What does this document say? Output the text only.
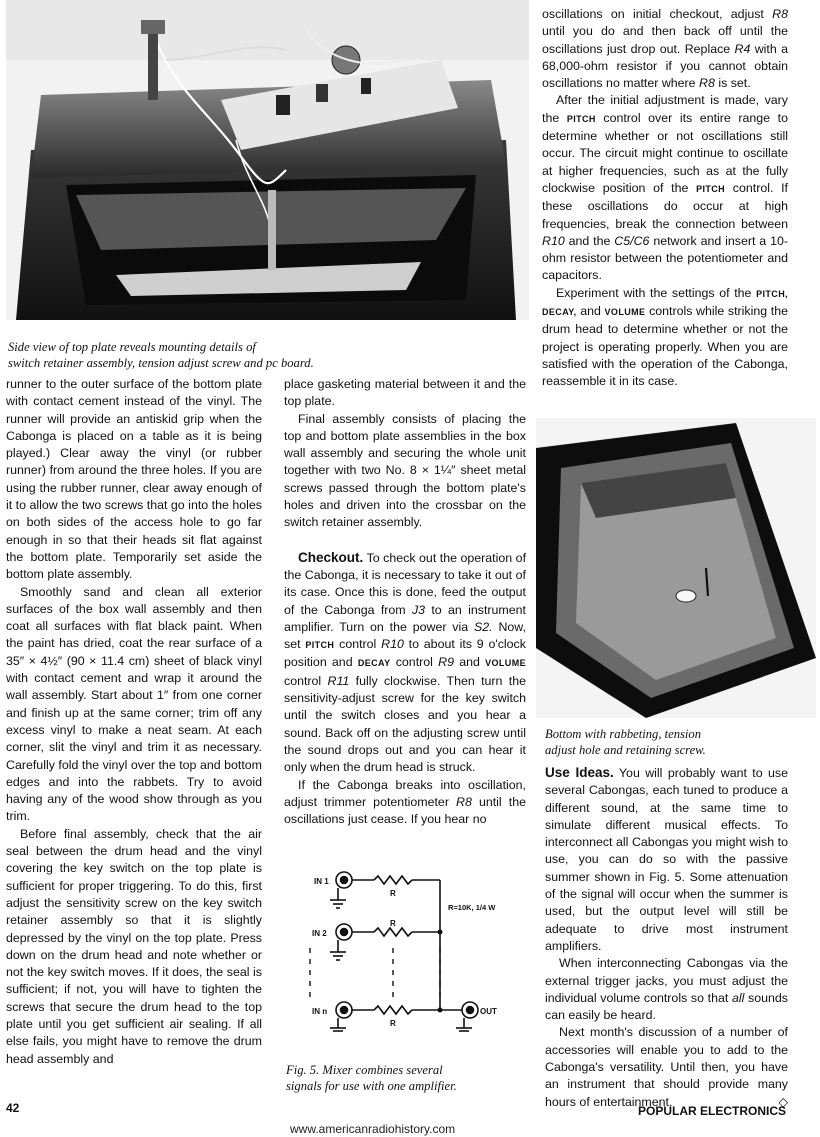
Side view of top plate reveals mounting details of
switch retainer assembly, tension adjust screw and pc board.

runner to the outer surface of the bottom plate with contact cement instead of the vinyl. The runner will provide an antiskid grip when the Cabonga is placed on a table as it is being played.) Clear away the vinyl (or rubber runner) from around the three holes. If you are using the rubber runner, clear away enough of it to allow the two screws that go into the holes on both sides of the access hole to go far enough in so that their heads sit flat against the bottom plate. Temporarily set aside the bottom plate assembly.

Smoothly sand and clean all exterior surfaces of the box wall assembly and then coat all surfaces with flat black paint. When the paint has dried, coat the rear surface of a 35″ × 4½″ (90 × 11.4 cm) sheet of black vinyl with contact cement and wrap it around the wall assembly. Start about 1″ from one corner and finish up at the same corner; trim off any excess vinyl to make a neat seam. At each corner, slit the vinyl and trim it as necessary. Carefully fold the vinyl over the top and bottom edges and into the rabbets. Try to avoid having any of the wood show through as you trim.

Before final assembly, check that the air seal between the drum head and the vinyl covering the key switch on the top plate is sufficient for proper triggering. To do this, first adjust the sensitivity screw on the key switch retainer assembly so that it is slightly depressed by the vinyl on the top plate. Press down on the drum head and note whether or not the key switch moves. If it does, the seal is sufficient; if not, you will have to tighten the screws that secure the drum head to the top plate until you get sufficient air sealing. If all else fails, you might have to remove the drum head assembly and

place gasketing material between it and the top plate.

Final assembly consists of placing the top and bottom plate assemblies in the box wall assembly and securing the whole unit together with two No. 8 × 1¼″ sheet metal screws passed through the bottom plate's holes and driven into the crossbar on the switch retainer assembly.

Checkout. To check out the operation of the Cabonga, it is necessary to take it out of its case. Once this is done, feed the output of the Cabonga from J3 to an instrument amplifier. Turn on the power via S2. Now, set PITCH control R10 to about its 9 o'clock position and DECAY control R9 and VOLUME control R11 fully clockwise. Then turn the sensitivity-adjust screw for the key switch until the switch closes and you hear a sound. Back off on the adjusting screw until the sound drops out and you can hear it only when the drum head is struck.

If the Cabonga breaks into oscillation, adjust trimmer potentiometer R8 until the oscillations just cease. If you hear no

IN 1
IN 2
IN n
R
R
R
R=10K, 1/4 W
OUT
Fig. 5. Mixer combines several
signals for use with one amplifier.

oscillations on initial checkout, adjust R8 until you do and then back off until the oscillations just drop out. Replace R4 with a 68,000-ohm resistor if you cannot obtain oscillations no matter where R8 is set.

After the initial adjustment is made, vary the PITCH control over its entire range to determine whether or not oscillations still occur. The circuit might continue to oscillate at higher frequencies, such as at the fully clockwise position of the PITCH control. If these oscillations do occur at high frequencies, break the connection between R10 and the C5/C6 network and insert a 10-ohm resistor between the potentiometer and capacitors.

Experiment with the settings of the PITCH, DECAY, and VOLUME controls while striking the drum head to determine whether or not the project is operating properly. When you are satisfied with the operation of the Cabonga, reassemble it in its case.

Bottom with rabbeting, tension
adjust hole and retaining screw.

Use Ideas. You will probably want to use several Cabongas, each tuned to produce a different sound, at the same time to simulate different musical effects. To interconnect all Cabongas you might wish to use, you can do so with the passive summer shown in Fig. 5. Some attenuation of the signal will occur when the summer is used, but the output level will still be adequate to drive most instrument amplifiers.

When interconnecting Cabongas via the external trigger jacks, you must adjust the individual volume controls so that all sounds can easily be heard.

Next month's discussion of a number of accessories will enable you to add to the Cabonga's versatility. Until then, you have an instrument that should provide many hours of entertainment.	◇

42	POPULAR ELECTRONICS
www.americanradiohistory.com
